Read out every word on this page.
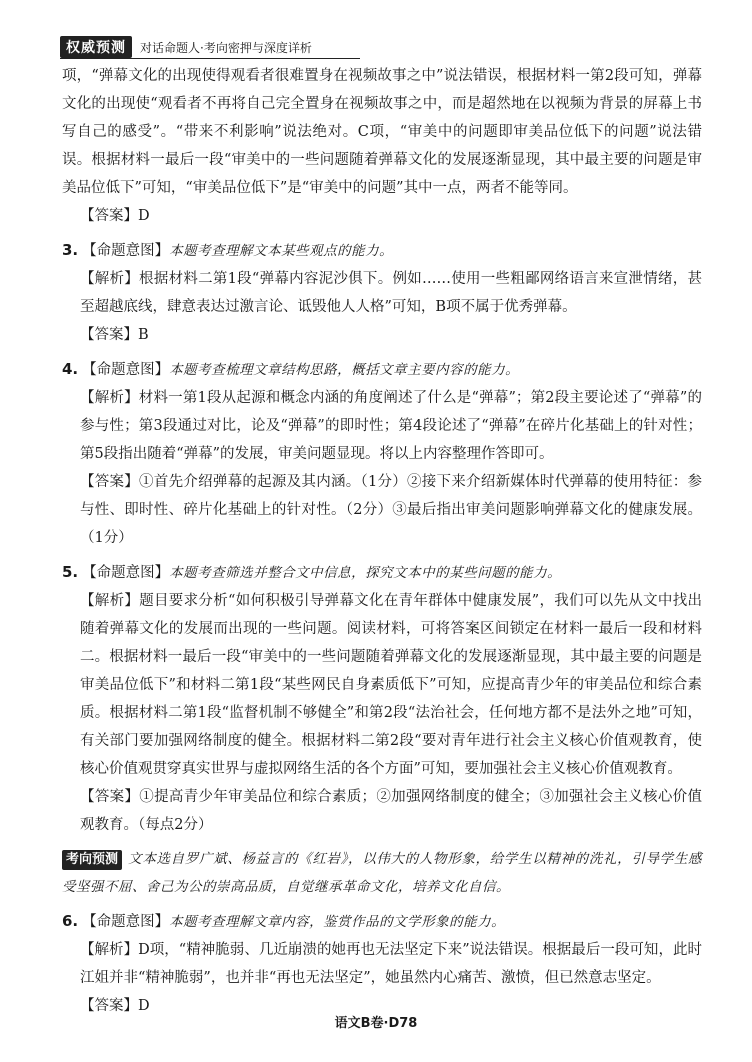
权威预测	对话命题人·考向密押与深度详析

项，“弹幕文化的出现使得观看者很难置身在视频故事之中”说法错误，根据材料一第2段可知，弹幕文化的出现使“观看者不再将自己完全置身在视频故事之中，而是超然地在以视频为背景的屏幕上书写自己的感受”。“带来不利影响”说法绝对。C项，“审美中的问题即审美品位低下的问题”说法错误。根据材料一最后一段“审美中的一些问题随着弹幕文化的发展逐渐显现，其中最主要的问题是审美品位低下”可知，“审美品位低下”是“审美中的问题”其中一点，两者不能等同。

【答案】D

3. 【命题意图】本题考查理解文本某些观点的能力。

【解析】根据材料二第1段“弹幕内容泥沙俱下。例如……使用一些粗鄙网络语言来宣泄情绪，甚至超越底线，肆意表达过激言论、诋毁他人人格”可知，B项不属于优秀弹幕。

【答案】B

4. 【命题意图】本题考查梳理文章结构思路，概括文章主要内容的能力。

【解析】材料一第1段从起源和概念内涵的角度阐述了什么是“弹幕”；第2段主要论述了“弹幕”的参与性；第3段通过对比，论及“弹幕”的即时性；第4段论述了“弹幕”在碎片化基础上的针对性；第5段指出随着“弹幕”的发展，审美问题显现。将以上内容整理作答即可。

【答案】①首先介绍弹幕的起源及其内涵。（1分）②接下来介绍新媒体时代弹幕的使用特征：参与性、即时性、碎片化基础上的针对性。（2分）③最后指出审美问题影响弹幕文化的健康发展。（1分）

5. 【命题意图】本题考查筛选并整合文中信息，探究文本中的某些问题的能力。

【解析】题目要求分析“如何积极引导弹幕文化在青年群体中健康发展”，我们可以先从文中找出随着弹幕文化的发展而出现的一些问题。阅读材料，可将答案区间锁定在材料一最后一段和材料二。根据材料一最后一段“审美中的一些问题随着弹幕文化的发展逐渐显现，其中最主要的问题是审美品位低下”和材料二第1段“某些网民自身素质低下”可知，应提高青少年的审美品位和综合素质。根据材料二第1段“监督机制不够健全”和第2段“法治社会，任何地方都不是法外之地”可知，有关部门要加强网络制度的健全。根据材料二第2段“要对青年进行社会主义核心价值观教育，使核心价值观贯穿真实世界与虚拟网络生活的各个方面”可知，要加强社会主义核心价值观教育。

【答案】①提高青少年审美品位和综合素质；②加强网络制度的健全；③加强社会主义核心价值观教育。（每点2分）

考向预测 文本选自罗广斌、杨益言的《红岩》，以伟大的人物形象，给学生以精神的洗礼，引导学生感受坚强不屈、舍己为公的崇高品质，自觉继承革命文化，培养文化自信。

6. 【命题意图】本题考查理解文章内容，鉴赏作品的文学形象的能力。

【解析】D项，“精神脆弱、几近崩溃的她再也无法坚定下来”说法错误。根据最后一段可知，此时江姐并非“精神脆弱”，也并非“再也无法坚定”，她虽然内心痛苦、激愤，但已然意志坚定。

【答案】D

语文B卷·D78
